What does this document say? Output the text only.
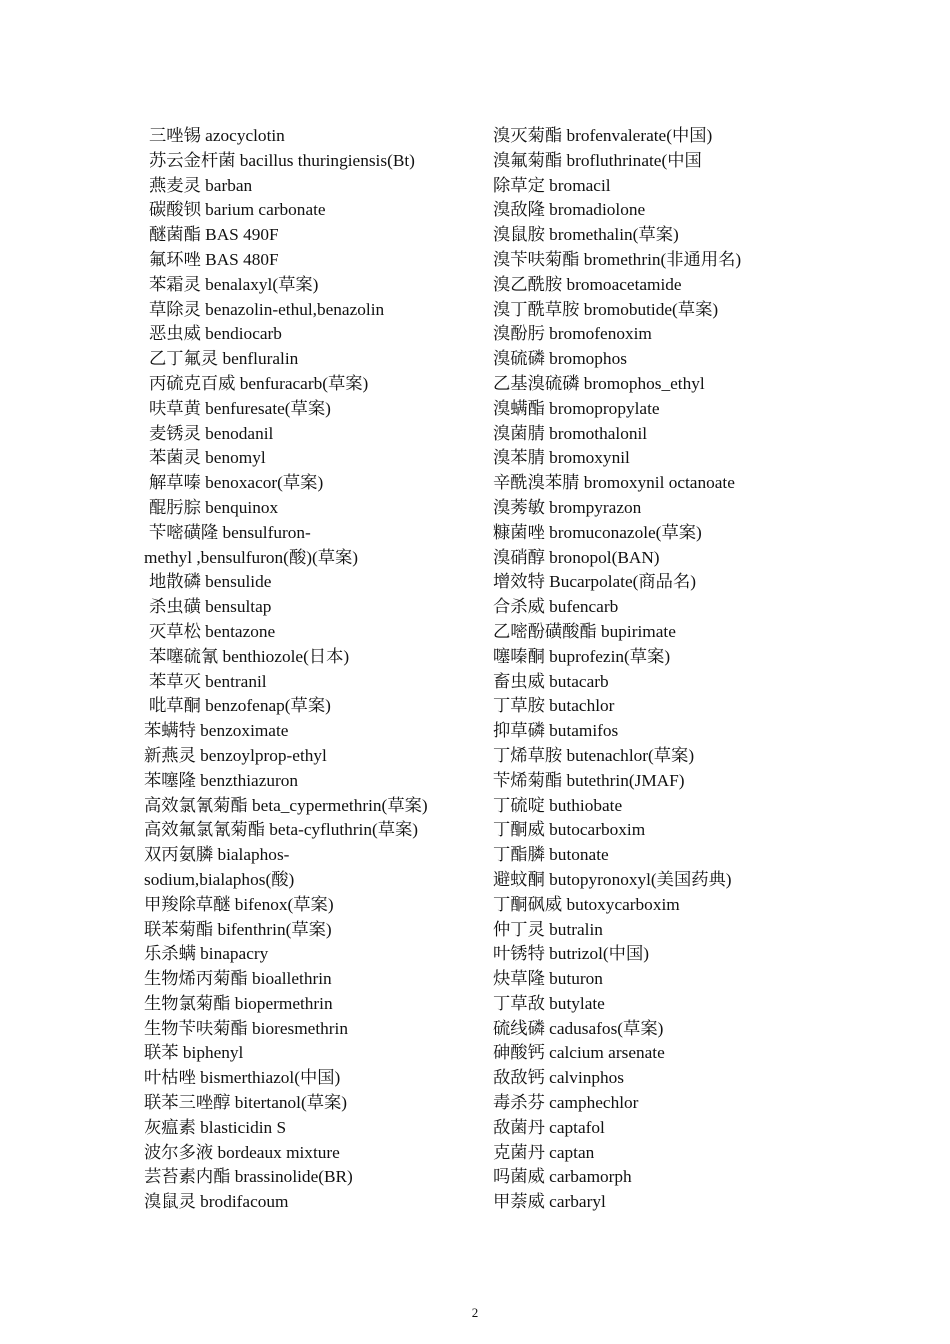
三唑锡 azocyclotin
苏云金杆菌 bacillus thuringiensis(Bt)
燕麦灵 barban
碳酸钡 barium carbonate
醚菌酯 BAS 490F
氟环唑 BAS 480F
苯霜灵 benalaxyl(草案)
草除灵 benazolin-ethul,benazolin
恶虫威 bendiocarb
乙丁氟灵 benfluralin
丙硫克百威 benfuracarb(草案)
呋草黄 benfuresate(草案)
麦锈灵 benodanil
苯菌灵 benomyl
解草嗪 benoxacor(草案)
醌肟腙 benquinox
苄嘧磺隆 bensulfuron-
methyl ,bensulfuron(酸)(草案)
地散磷 bensulide
杀虫磺 bensultap
灭草松 bentazone
苯噻硫氰 benthiozole(日本)
苯草灭 bentranil
吡草酮 benzofenap(草案)
苯螨特 benzoximate
新燕灵 benzoylprop-ethyl
苯噻隆 benzthiazuron
高效氯氰菊酯 beta_cypermethrin(草案)
高效氟氯氰菊酯 beta-cyfluthrin(草案)
双丙氨膦 bialaphos-
sodium,bialaphos(酸)
甲羧除草醚 bifenox(草案)
联苯菊酯 bifenthrin(草案)
乐杀螨 binapacry
生物烯丙菊酯 bioallethrin
生物氯菊酯 biopermethrin
生物苄呋菊酯 bioresmethrin
联苯 biphenyl
叶枯唑 bismerthiazol(中国)
联苯三唑醇 bitertanol(草案)
灰瘟素 blasticidin S
波尔多液 bordeaux mixture
芸苔素内酯 brassinolide(BR)
溴鼠灵 brodifacoum
溴灭菊酯 brofenvalerate(中国)
溴氟菊酯 brofluthrinate(中国
除草定 bromacil
溴敌隆 bromadiolone
溴鼠胺 bromethalin(草案)
溴苄呋菊酯 bromethrin(非通用名)
溴乙酰胺 bromoacetamide
溴丁酰草胺 bromobutide(草案)
溴酚肟 bromofenoxim
溴硫磷 bromophos
乙基溴硫磷 bromophos_ethyl
溴螨酯 bromopropylate
溴菌腈 bromothalonil
溴苯腈 bromoxynil
辛酰溴苯腈 bromoxynil octanoate
溴莠敏 brompyrazon
糠菌唑 bromuconazole(草案)
溴硝醇 bronopol(BAN)
增效特 Bucarpolate(商品名)
合杀威 bufencarb
乙嘧酚磺酸酯 bupirimate
噻嗪酮 buprofezin(草案)
畜虫威 butacarb
丁草胺 butachlor
抑草磷 butamifos
丁烯草胺 butenachlor(草案)
苄烯菊酯 butethrin(JMAF)
丁硫啶 buthiobate
丁酮威 butocarboxim
丁酯膦 butonate
避蚊酮 butopyronoxyl(美国药典)
丁酮砜威 butoxycarboxim
仲丁灵 butralin
叶锈特 butrizol(中国)
炔草隆 buturon
丁草敌 butylate
硫线磷 cadusafos(草案)
砷酸钙 calcium arsenate
敌敌钙 calvinphos
毒杀芬 camphechlor
敌菌丹 captafol
克菌丹 captan
吗菌威 carbamorph
甲萘威 carbaryl
2
